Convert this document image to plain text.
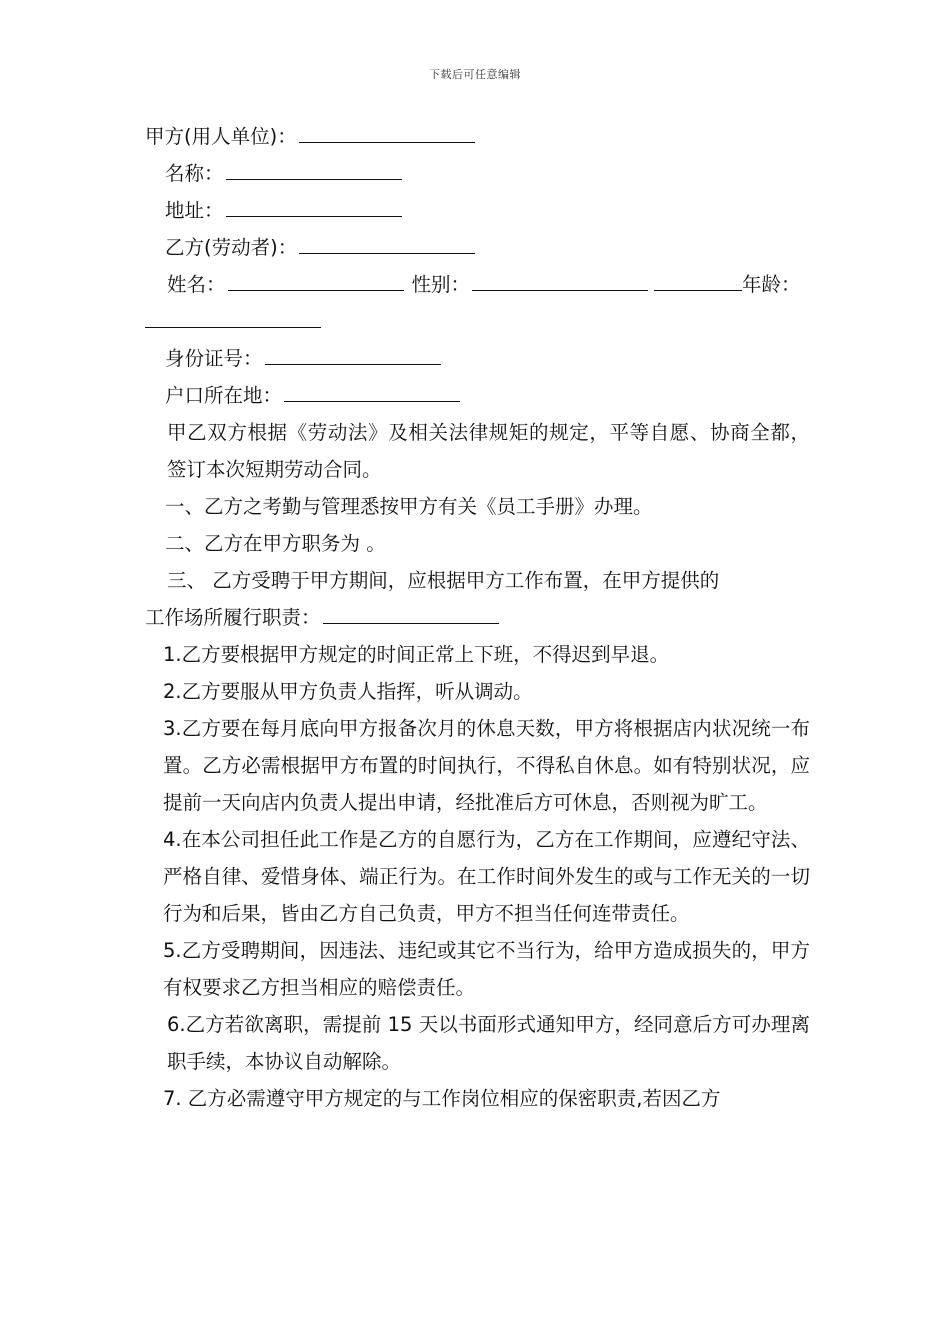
下载后可任意编辑
甲方(用人单位)：
名称：
地址：
乙方(劳动者)：
姓名：	性别：	年龄：
身份证号：
户口所在地：
甲乙双方根据《劳动法》及相关法律规矩的规定，平等自愿、协商全都，签订本次短期劳动合同。
一、乙方之考勤与管理悉按甲方有关《员工手册》办理。
二、乙方在甲方职务为 。
三、 乙方受聘于甲方期间，应根据甲方工作布置，在甲方提供的
工作场所履行职责：
1.乙方要根据甲方规定的时间正常上下班，不得迟到早退。
2.乙方要服从甲方负责人指挥，听从调动。
3.乙方要在每月底向甲方报备次月的休息天数，甲方将根据店内状况统一布置。乙方必需根据甲方布置的时间执行，不得私自休息。如有特别状况，应提前一天向店内负责人提出申请，经批准后方可休息，否则视为旷工。
4.在本公司担任此工作是乙方的自愿行为，乙方在工作期间，应遵纪守法、严格自律、爱惜身体、端正行为。在工作时间外发生的或与工作无关的一切行为和后果，皆由乙方自己负责，甲方不担当任何连带责任。
5.乙方受聘期间，因违法、违纪或其它不当行为，给甲方造成损失的，甲方有权要求乙方担当相应的赔偿责任。
6.乙方若欲离职，需提前 15 天以书面形式通知甲方，经同意后方可办理离职手续，本协议自动解除。
7. 乙方必需遵守甲方规定的与工作岗位相应的保密职责,若因乙方
